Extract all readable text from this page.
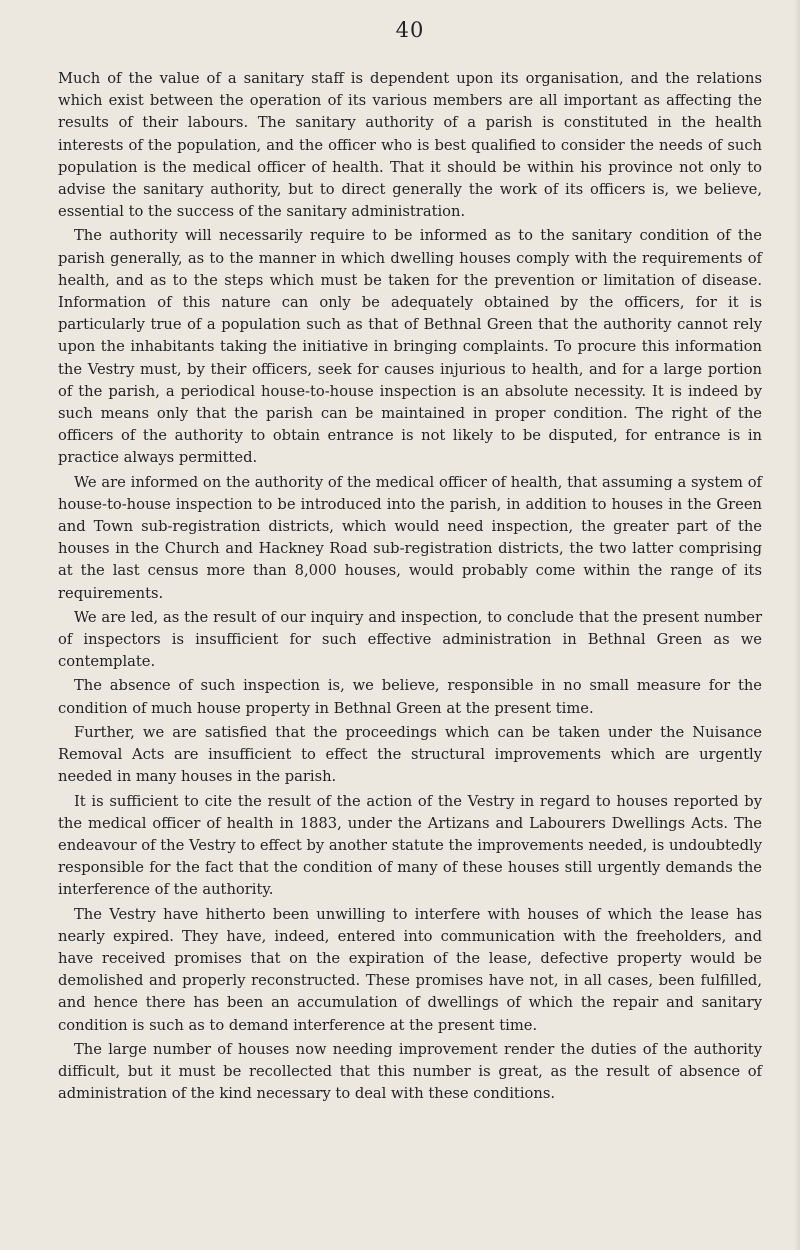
40

Much of the value of a sanitary staff is dependent upon its organisation, and the relations which exist between the operation of its various members are all important as affecting the results of their labours. The sanitary authority of a parish is constituted in the health interests of the population, and the officer who is best qualified to consider the needs of such population is the medical officer of health. That it should be within his province not only to advise the sanitary authority, but to direct generally the work of its officers is, we believe, essential to the success of the sanitary administration.

The authority will necessarily require to be informed as to the sanitary condition of the parish generally, as to the manner in which dwelling houses comply with the requirements of health, and as to the steps which must be taken for the prevention or limitation of disease. Information of this nature can only be adequately obtained by the officers, for it is particularly true of a population such as that of Bethnal Green that the authority cannot rely upon the inhabitants taking the initiative in bringing complaints. To procure this information the Vestry must, by their officers, seek for causes injurious to health, and for a large portion of the parish, a periodical house-to-house inspection is an absolute necessity. It is indeed by such means only that the parish can be maintained in proper condition. The right of the officers of the authority to obtain entrance is not likely to be disputed, for entrance is in practice always permitted.

We are informed on the authority of the medical officer of health, that assuming a system of house-to-house inspection to be introduced into the parish, in addition to houses in the Green and Town sub-registration districts, which would need inspection, the greater part of the houses in the Church and Hackney Road sub-registration districts, the two latter comprising at the last census more than 8,000 houses, would probably come within the range of its requirements.

We are led, as the result of our inquiry and inspection, to conclude that the present number of inspectors is insufficient for such effective administration in Bethnal Green as we contemplate.

The absence of such inspection is, we believe, responsible in no small measure for the condition of much house property in Bethnal Green at the present time.

Further, we are satisfied that the proceedings which can be taken under the Nuisance Removal Acts are insufficient to effect the structural improvements which are urgently needed in many houses in the parish.

It is sufficient to cite the result of the action of the Vestry in regard to houses reported by the medical officer of health in 1883, under the Artizans and Labourers Dwellings Acts. The endeavour of the Vestry to effect by another statute the improvements needed, is undoubtedly responsible for the fact that the condition of many of these houses still urgently demands the interference of the authority.

The Vestry have hitherto been unwilling to interfere with houses of which the lease has nearly expired. They have, indeed, entered into communication with the freeholders, and have received promises that on the expiration of the lease, defective property would be demolished and properly reconstructed. These promises have not, in all cases, been fulfilled, and hence there has been an accumulation of dwellings of which the repair and sanitary condition is such as to demand interference at the present time.

The large number of houses now needing improvement render the duties of the authority difficult, but it must be recollected that this number is great, as the result of absence of administration of the kind necessary to deal with these conditions.
